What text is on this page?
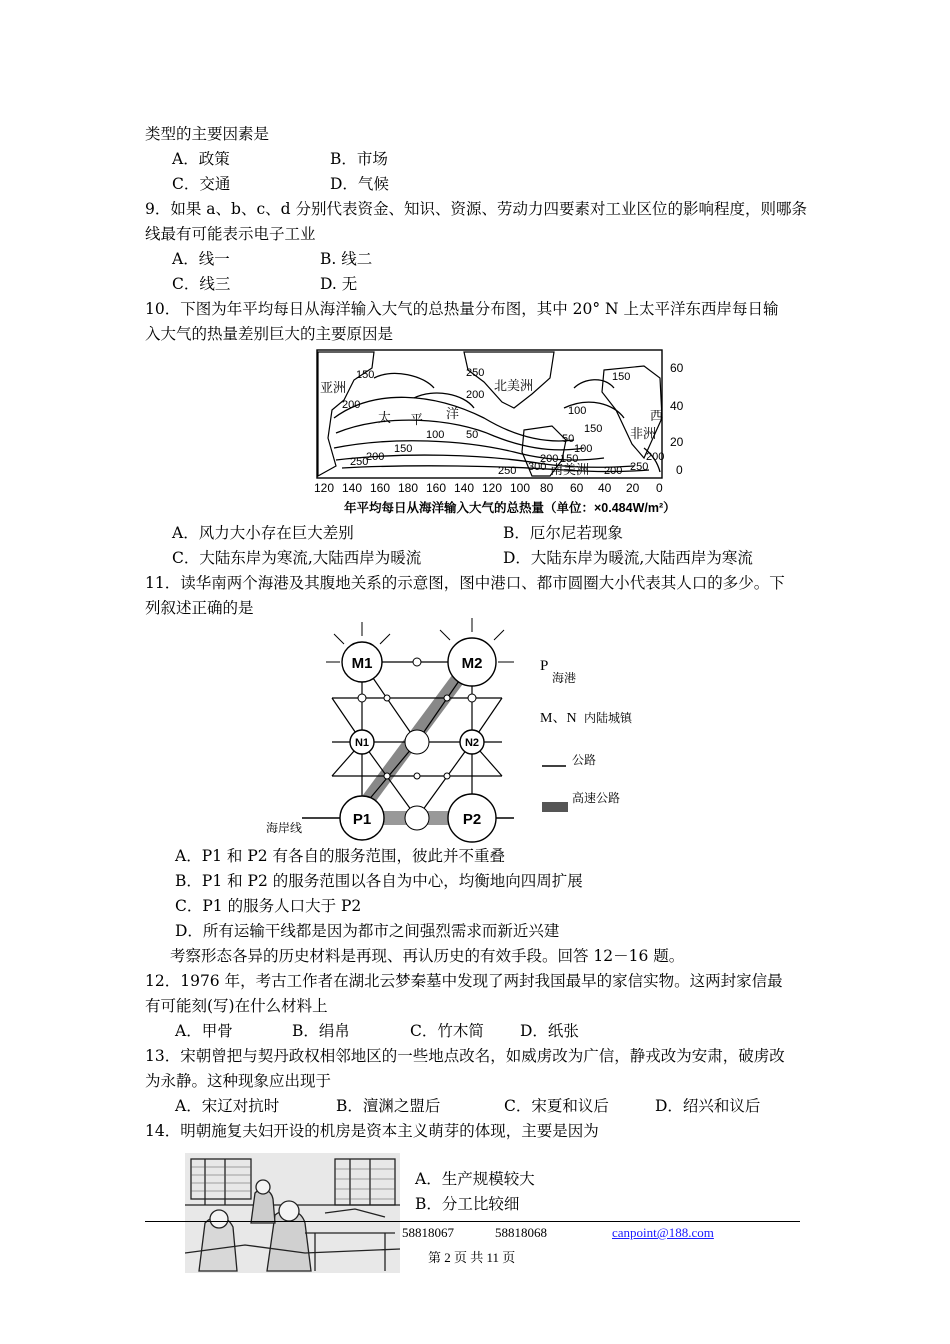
类型的主要因素是
A．政策	B．市场
C．交通	D．气候
9．如果 a、b、c、d 分别代表资金、知识、资源、劳动力四要素对工业区位的影响程度，则哪条
线最有可能表示电子工业
A．线一	B. 线二
C．线三	D. 无
10．下图为年平均每日从海洋输入大气的总热量分布图，其中 20° N 上太平洋东西岸每日输
入大气的热量差别巨大的主要原因是
150
200
250
200
100 50
150
200
250
150
100
50
150
200
250 300
150
100
200 250
200
亚洲	北美洲
南美洲
非洲
西
太 平 洋
60
40
20
0
120 140 160 180 160 140 120 100 80 60 40 20 0
年平均每日从海洋输入大气的总热量（单位：×0.484W/m²）
A．风力大小存在巨大差别	B．厄尔尼若现象
C．大陆东岸为寒流,大陆西岸为暖流	D．大陆东岸为暖流,大陆西岸为寒流
11．读华南两个海港及其腹地关系的示意图，图中港口、都市圆圈大小代表其人口的多少。下
列叙述正确的是
M1	M2
N1	N2
P1	P2
P
海港
M、N 内陆城镇
公路
高速公路
海岸线
A．P1 和 P2 有各自的服务范围，彼此并不重叠
B．P1 和 P2 的服务范围以各自为中心，均衡地向四周扩展
C．P1 的服务人口大于 P2
D．所有运输干线都是因为都市之间强烈需求而新近兴建
考察形态各异的历史材料是再现、再认历史的有效手段。回答 12－16 题。
12．1976 年，考古工作者在湖北云梦秦墓中发现了两封我国最早的家信实物。这两封家信最
有可能刻(写)在什么材料上
A．甲骨	B．绢帛	C．竹木简 D．纸张
13．宋朝曾把与契丹政权相邻地区的一些地点改名，如威虏改为广信，静戎改为安肃，破虏改
为永静。这种现象应出现于
A．宋辽对抗时	B．澶渊之盟后	C．宋夏和议后	D．绍兴和议后
14．明朝施复夫妇开设的机房是资本主义萌芽的体现，主要是因为
A．生产规模较大
B．分工比较细
58818067	58818068	canpoint@188.com
第 2 页 共 11 页
